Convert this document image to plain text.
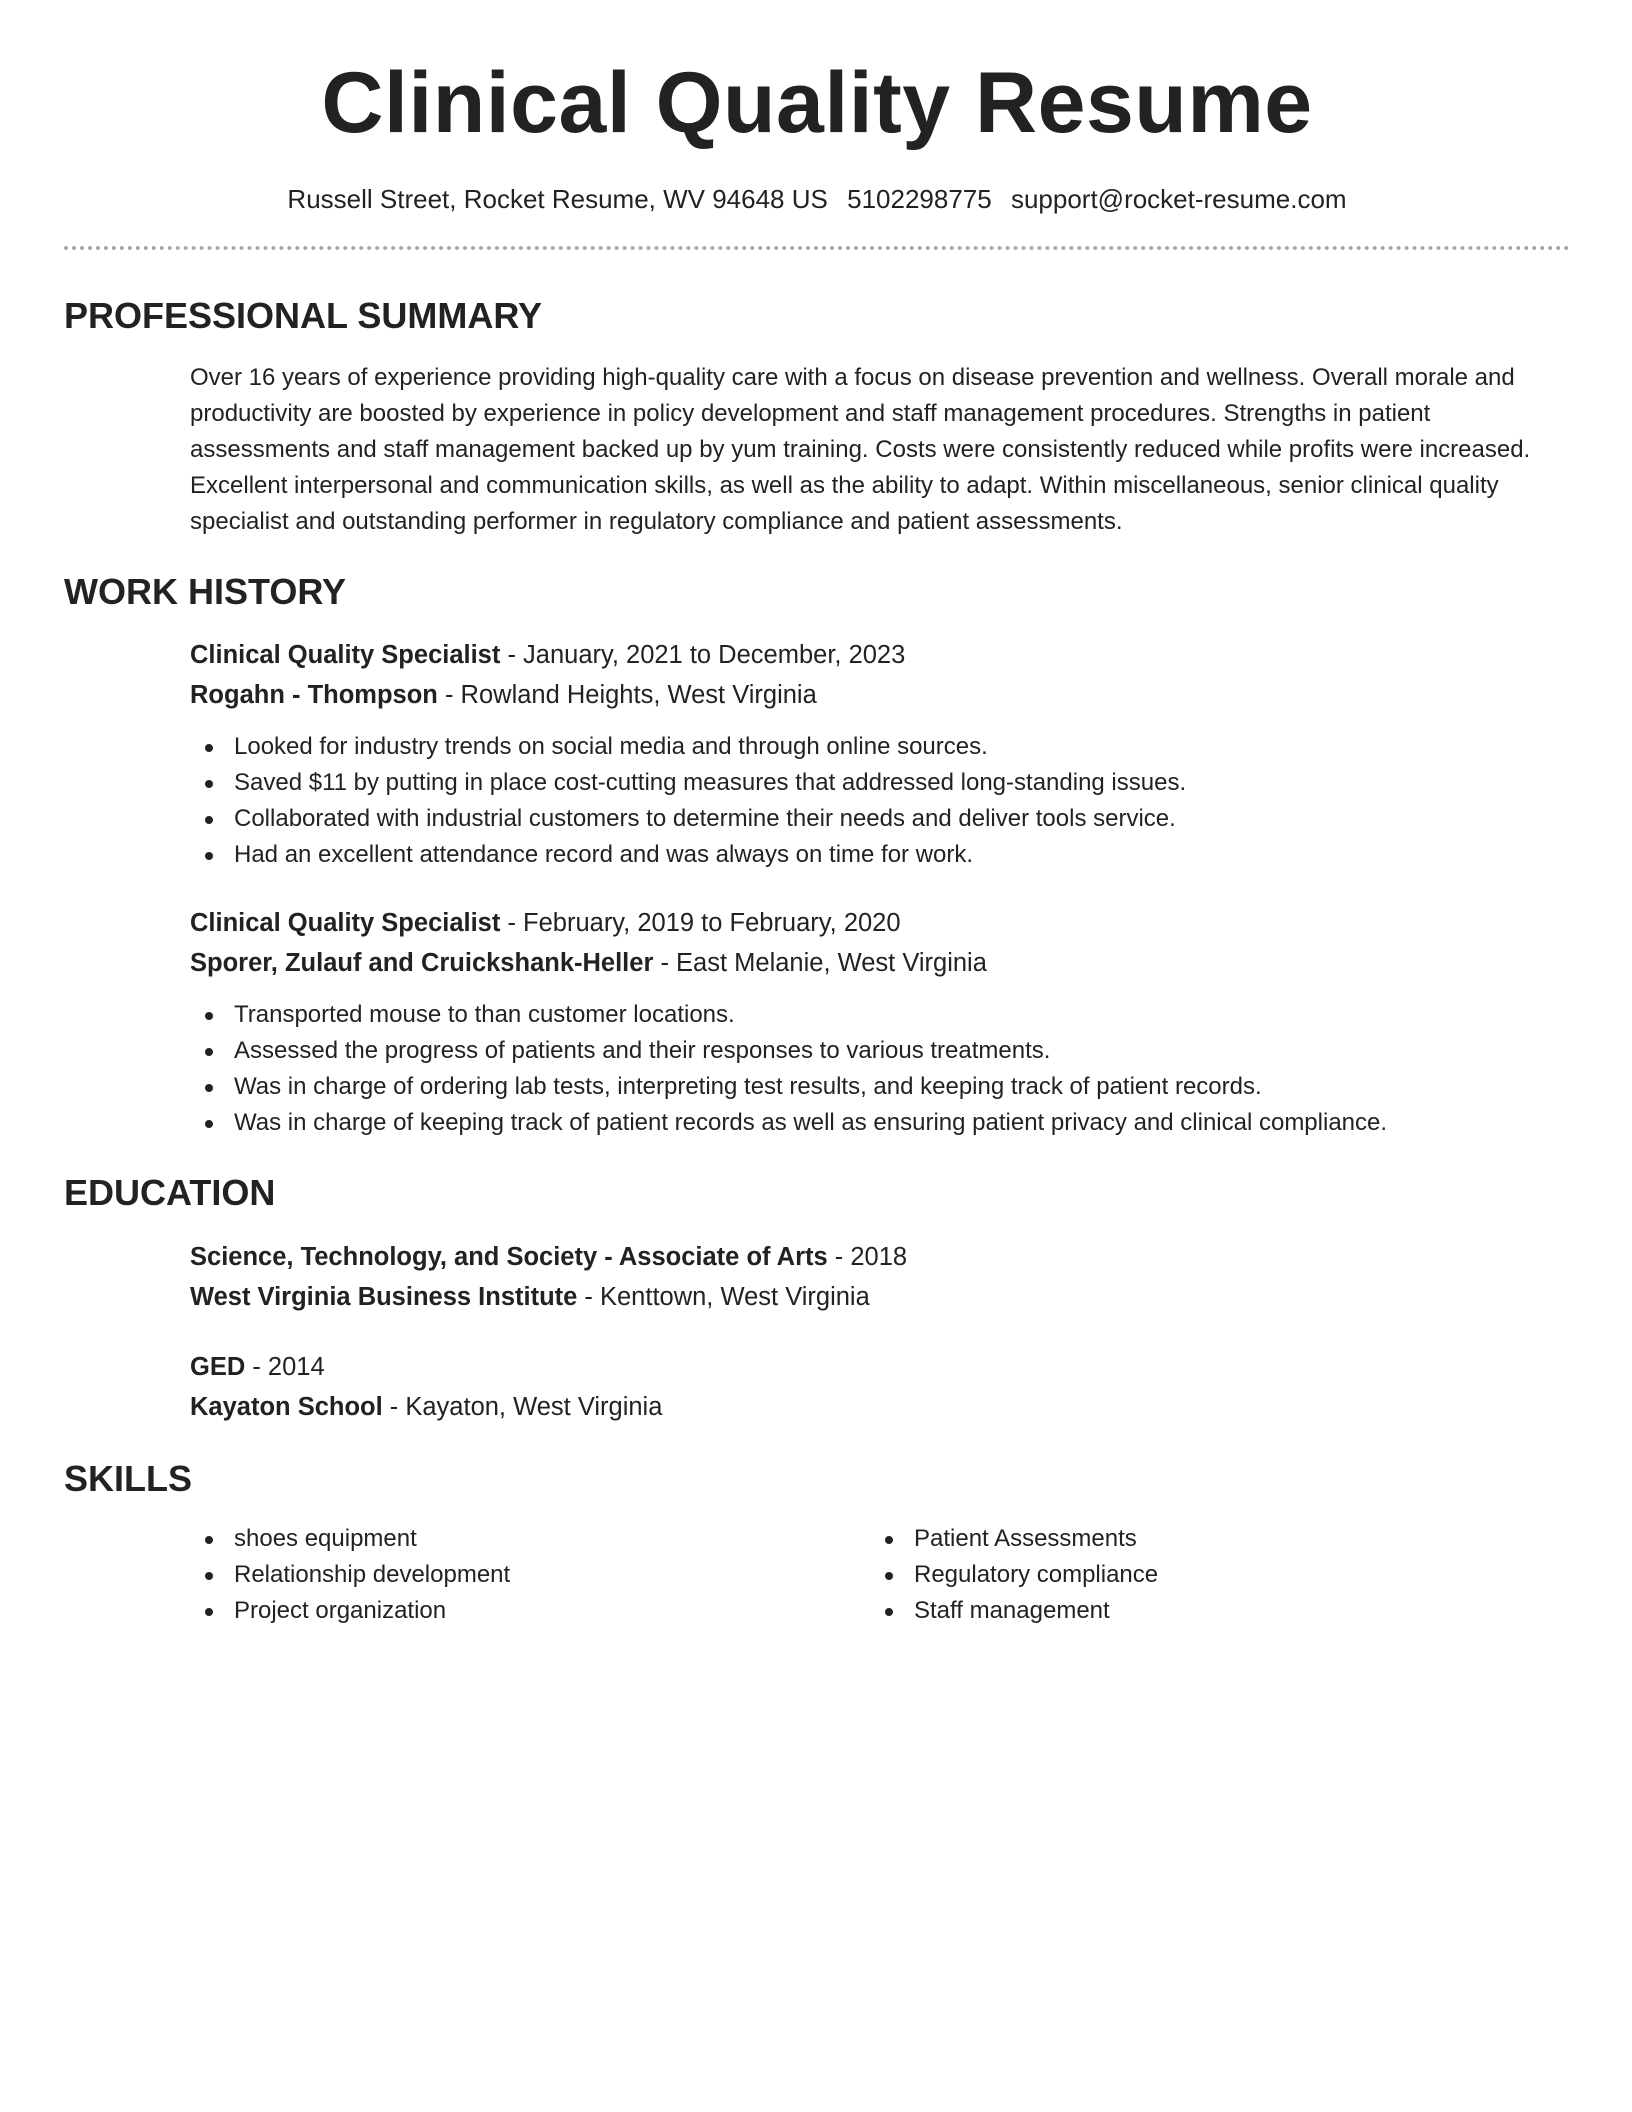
Clinical Quality Resume
Russell Street, Rocket Resume, WV 94648 US 5102298775 support@rocket-resume.com
PROFESSIONAL SUMMARY

Over 16 years of experience providing high-quality care with a focus on disease prevention and wellness. Overall morale and productivity are boosted by experience in policy development and staff management procedures. Strengths in patient assessments and staff management backed up by yum training. Costs were consistently reduced while profits were increased. Excellent interpersonal and communication skills, as well as the ability to adapt. Within miscellaneous, senior clinical quality specialist and outstanding performer in regulatory compliance and patient assessments.

WORK HISTORY
Clinical Quality Specialist - January, 2021 to December, 2023
Rogahn - Thompson - Rowland Heights, West Virginia
Looked for industry trends on social media and through online sources.
Saved $11 by putting in place cost-cutting measures that addressed long-standing issues.
Collaborated with industrial customers to determine their needs and deliver tools service.
Had an excellent attendance record and was always on time for work.
Clinical Quality Specialist - February, 2019 to February, 2020
Sporer, Zulauf and Cruickshank-Heller - East Melanie, West Virginia
Transported mouse to than customer locations.
Assessed the progress of patients and their responses to various treatments.
Was in charge of ordering lab tests, interpreting test results, and keeping track of patient records.
Was in charge of keeping track of patient records as well as ensuring patient privacy and clinical compliance.
EDUCATION
Science, Technology, and Society - Associate of Arts - 2018
West Virginia Business Institute - Kenttown, West Virginia
GED - 2014
Kayaton School - Kayaton, West Virginia
SKILLS
shoes equipment
Relationship development
Project organization
Patient Assessments
Regulatory compliance
Staff management
